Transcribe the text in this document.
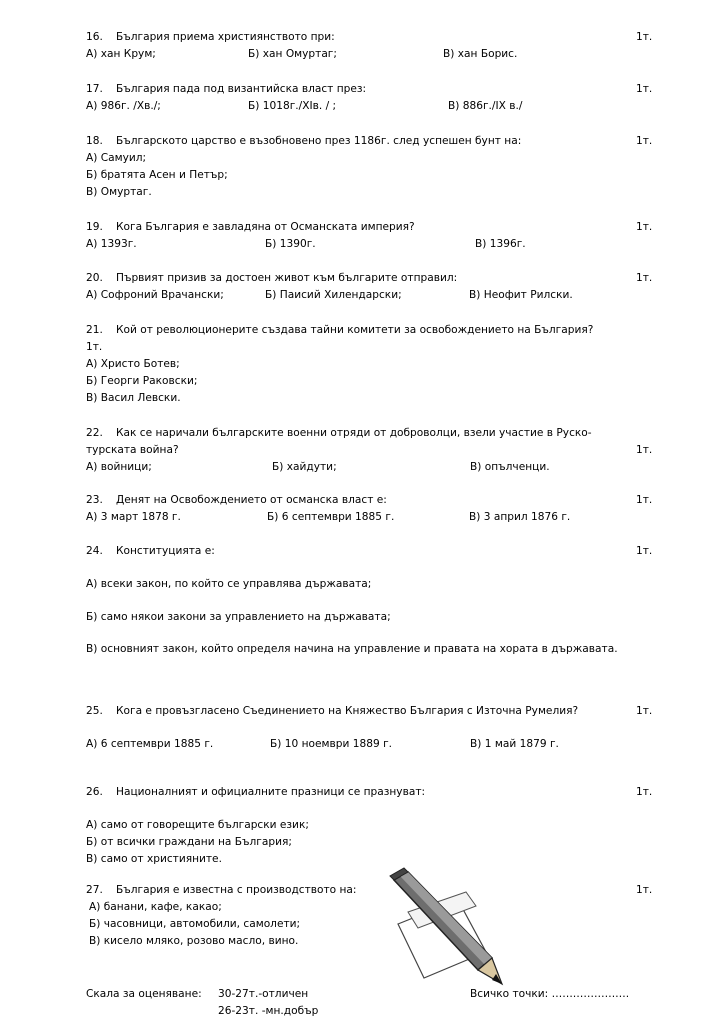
16. България приема християнството при:	1т.
А) хан Крум;	Б) хан Омуртаг;	В) хан Борис.
17. България пада под византийска власт през:	1т.
А) 986г. /Хв./;	Б) 1018г./XIв. / ;	В) 886г./IX в./
18. Българското царство е възобновено през 1186г. след успешен бунт на:	1т.
А) Самуил;
Б) братята Асен и Петър;
В) Омуртаг.
19. Кога България е завладяна от Османската империя?	1т.
А) 1393г.	Б) 1390г.	В) 1396г.
20. Първият призив за достоен живот към българите отправил:	1т.
А) Софроний Врачански;	Б) Паисий Хилендарски;	В) Неофит Рилски.
21. Кой от революционерите създава тайни комитети за освобождението на България?
1т.
А) Христо Ботев;
Б) Георги Раковски;
В) Васил Левски.
22. Как се наричали българските военни отряди от доброволци, взели участие в Руско-
турската война?	1т.
А) войници;	Б) хайдути;	В) опълченци.
23. Денят на Освобождението от османска власт е:	1т.
А) 3 март 1878 г.	Б) 6 септември 1885 г.	В) 3 април 1876 г.
24. Конституцията е:	1т.
А) всеки закон, по който се управлява държавата;
Б) само някои закони за управлението на държавата;
В) основният закон, който определя начина на управление и правата на хората в държавата.
25. Кога е провъзгласено Съединението на Княжество България с Източна Румелия?	1т.
А) 6 септември 1885 г.	Б) 10 ноември 1889 г.	В) 1 май 1879 г.
26. Националният и официалните празници се празнуват:	1т.
А) само от говорещите български език;
Б) от всички граждани на България;
В) само от християните.
27. България е известна с производството на:	1т.
А) банани, кафе, какао;
Б) часовници, автомобили, самолети;
В) кисело мляко, розово масло, вино.
Скала за оценяване: 30-27т.-отличен
26-23т. -мн.добър
Всичко точки: ………………….
